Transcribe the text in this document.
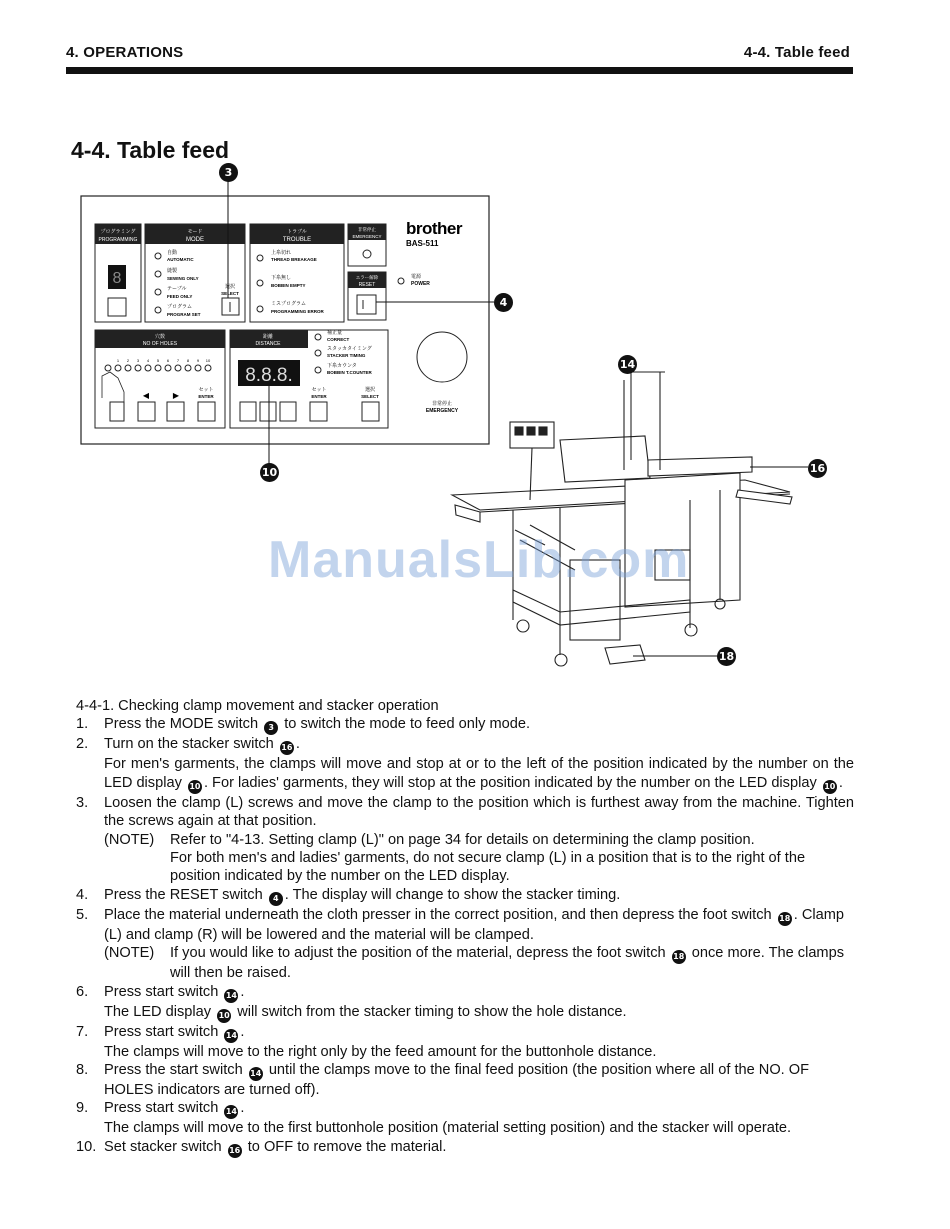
4. OPERATIONS	4-4. Table feed
4-4. Table feed
プログラミング
PROGRAMMING
8
モード
MODE
自動
AUTOMATIC
縫製
SEWING ONLY
テーブル
FEED ONLY
プログラム
PROGRAM SET
選択
SELECT
トラブル
TROUBLE
上糸切れ
THREAD BREAKAGE
下糸無し
BOBBIN EMPTY
ミスプログラム
PROGRAMMING ERROR
非常停止
EMERGENCY
エラー解除
RESET
brother
BAS-511
電源
POWER
穴数
NO OF HOLES
1 2 3 4 5 6 7 8 9 10
◀	▶
セット
ENTER
距離
DISTANCE
8.8.8.
補正量
CORRECT
スタッカタイミング
STACKER TIMING
下糸カウンタ
BOBBIN T.COUNTER
セット
ENTER
選択
SELECT
非常停止
EMERGENCY
3
4
10
14
16
18
ManualsLib.com
4-4-1. Checking clamp movement and stacker operation
1. Press the MODE switch 3 to switch the mode to feed only mode.
2. Turn on the stacker switch 16 .
For men's garments, the clamps will move and stop at or to the left of the position indicated by the number on the LED display 10 . For ladies' garments, they will stop at the position indicated by the number on the LED display 10 .
3. Loosen the clamp (L) screws and move the clamp to the position which is furthest away from the machine. Tighten the screws again at that position.
(NOTE) Refer to "4-13. Setting clamp (L)" on page 34 for details on determining the clamp position.
For both men's and ladies' garments, do not secure clamp (L) in a position that is to the right of the position indicated by the number on the LED display.
4. Press the RESET switch 4 . The display will change to show the stacker timing.
5. Place the material underneath the cloth presser in the correct position, and then depress the foot switch 18 . Clamp (L) and clamp (R) will be lowered and the material will be clamped.
(NOTE) If you would like to adjust the position of the material, depress the foot switch 18 once more. The clamps will then be raised.
6. Press start switch 14 .
The LED display 10 will switch from the stacker timing to show the hole distance.
7. Press start switch 14 .
The clamps will move to the right only by the feed amount for the buttonhole distance.
8. Press the start switch 14 until the clamps move to the final feed position (the position where all of the NO. OF HOLES indicators are turned off).
9. Press start switch 14 .
The clamps will move to the first buttonhole position (material setting position) and the stacker will operate.
10. Set stacker switch 16 to OFF to remove the material.
